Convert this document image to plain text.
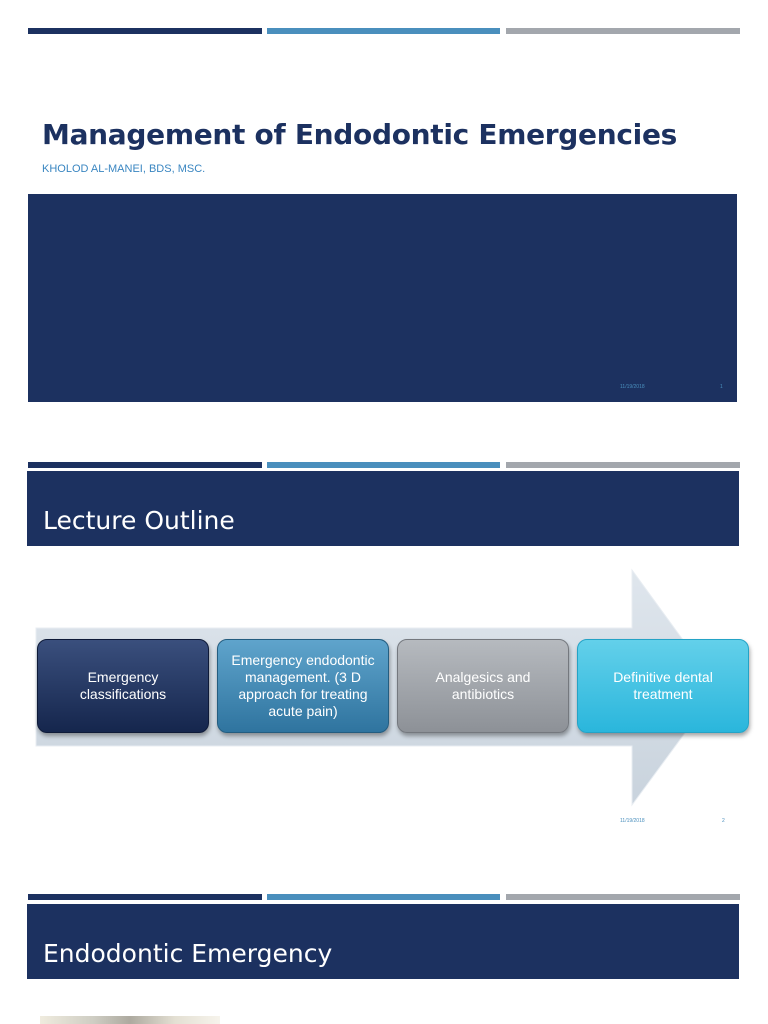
Management of Endodontic Emergencies
KHOLOD AL-MANEI, BDS, MSC.
11/19/2018	1
Lecture Outline
Emergency classifications
Emergency endodontic management. (3 D approach for treating acute pain)
Analgesics and antibiotics
Definitive dental treatment
11/19/2018	2
Endodontic Emergency
